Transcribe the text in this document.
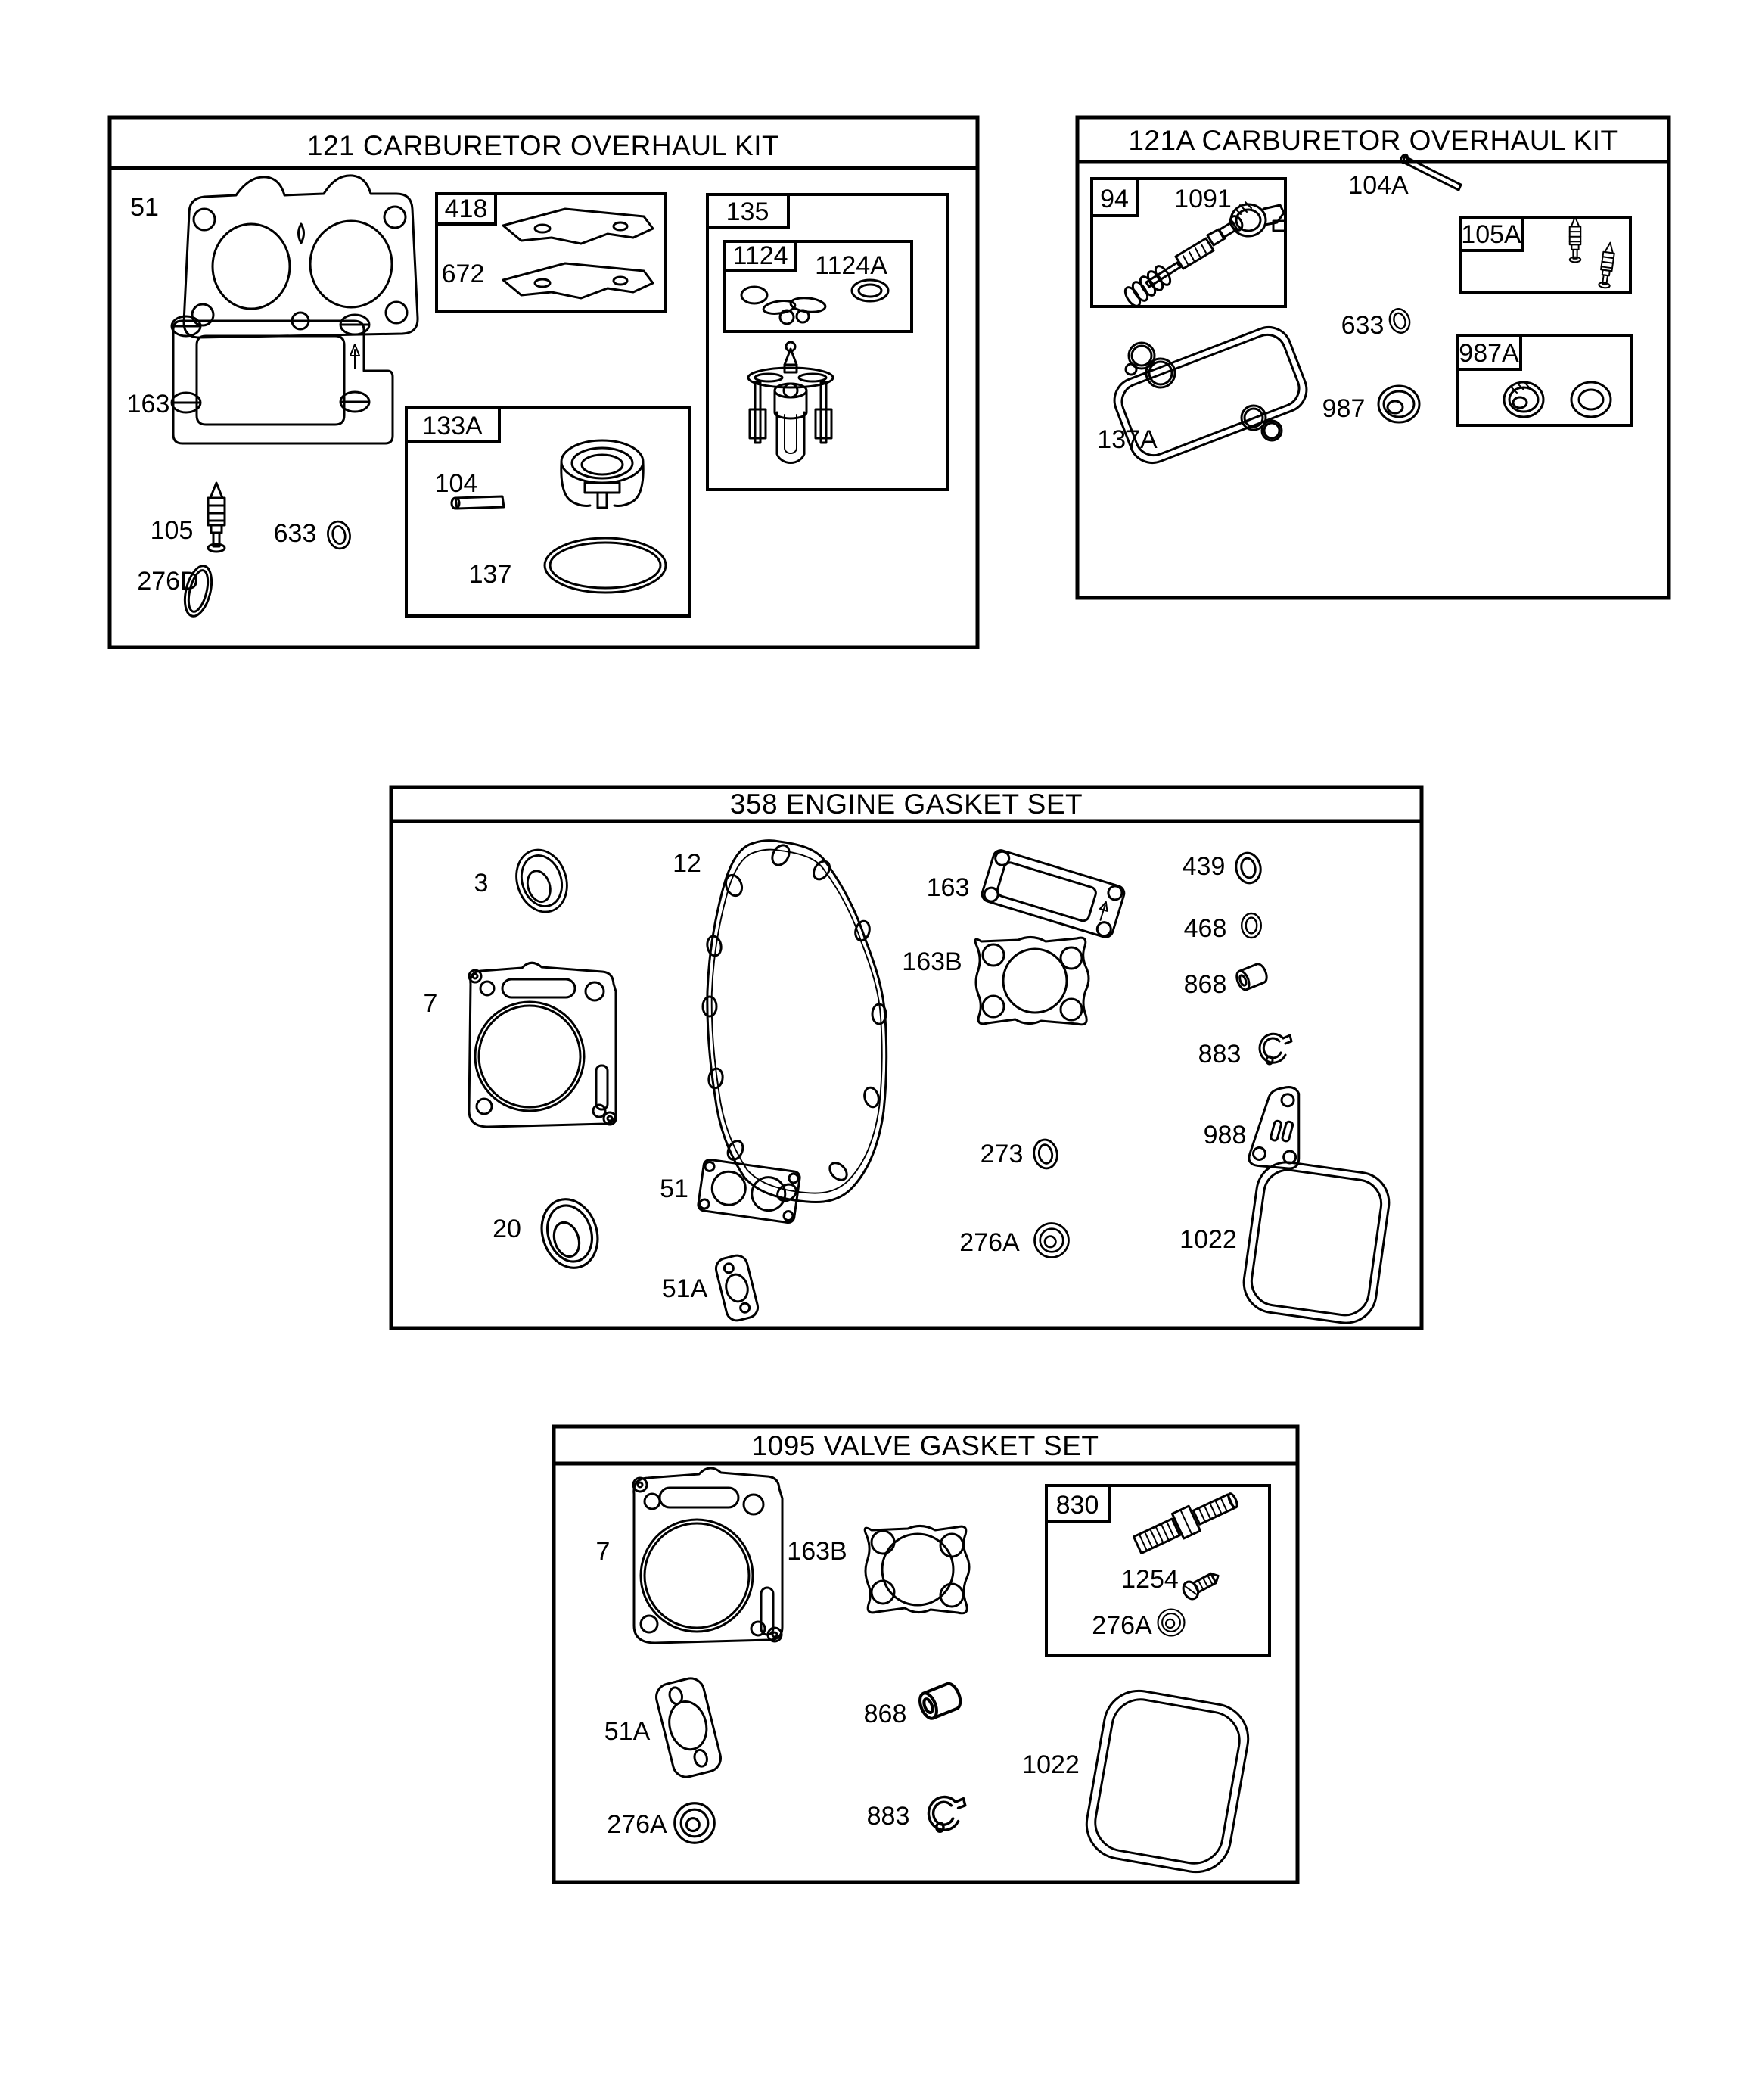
121 CARBURETOR OVERHAUL KIT
51
163
105	633
276D
418
672
133A
104
137
135
1124 1124A
121A CARBURETOR OVERHAUL KIT
94 1091	104A
633
137A
987
105A
987A
358 ENGINE GASKET SET
3
7
12
163
163B
439
468
868
883
988
273
276A	1022
51
20
51A
1095 VALVE GASKET SET
7	163B
830
1254
276A
51A
868
276A	883
1022
